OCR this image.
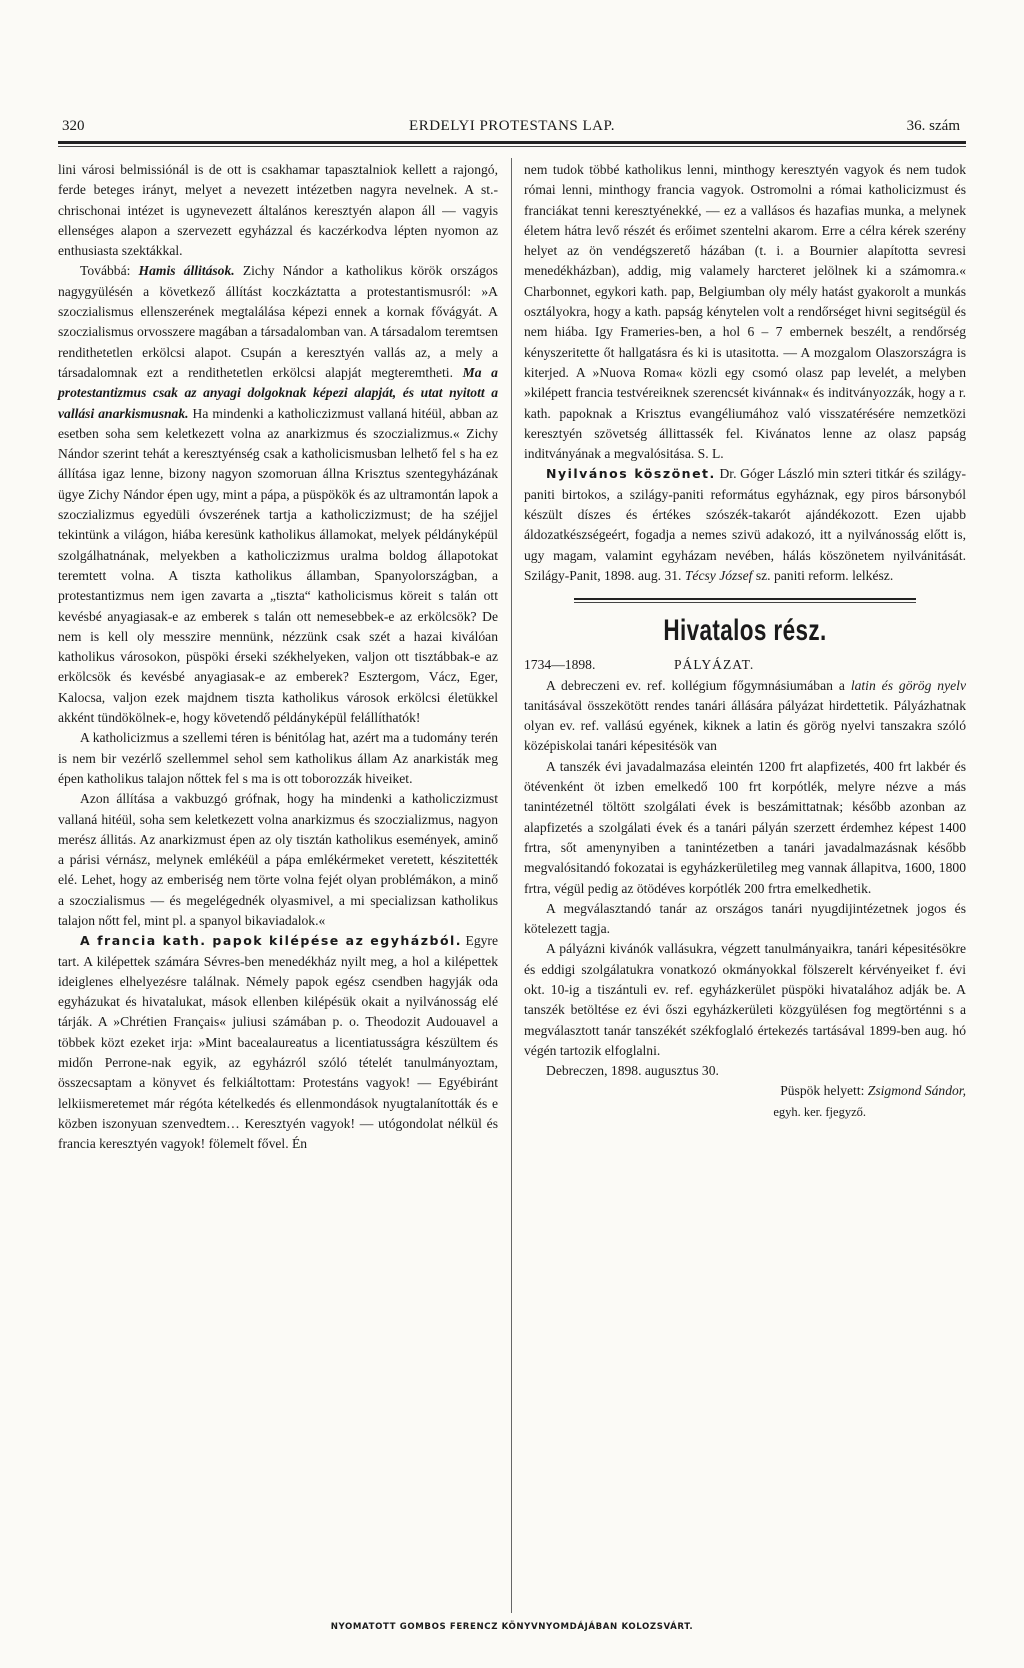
320	ERDELYI PROTESTANS LAP.	36. szám

lini városi belmissiónál is de ott is csakhamar tapasztalniok kellett a rajongó, ferde beteges irányt, melyet a nevezett intézetben nagyra nevelnek. A st.-chrischonai intézet is ugynevezett általános keresztyén alapon áll — vagyis ellenséges alapon a szervezett egyházzal és kaczérkodva lépten nyomon az enthusiasta szektákkal.

Továbbá: Hamis állitások. Zichy Nándor a katholikus körök országos nagygyülésén a következő állítást koczkáztatta a protestantismusról: »A szoczialismus ellenszerének megtalálása képezi ennek a kornak fővágyát. A szoczialismus orvosszere magában a társadalomban van. A társadalom teremtsen rendithetetlen erkölcsi alapot. Csupán a keresztyén vallás az, a mely a társadalomnak ezt a rendithetetlen erkölcsi alapját megteremtheti. Ma a protestantizmus csak az anyagi dolgoknak képezi alapját, és utat nyitott a vallási anarkismusnak. Ha mindenki a katholiczizmust vallaná hitéül, abban az esetben soha sem keletkezett volna az anarkizmus és szoczializmus.« Zichy Nándor szerint tehát a keresztyénség csak a katholicismusban lelhető fel s ha ez állítása igaz lenne, bizony nagyon szomoruan állna Krisztus szentegyházának ügye Zichy Nándor épen ugy, mint a pápa, a püspökök és az ultramontán lapok a szoczializmus egyedüli óvszerének tartja a katholiczizmust; de ha széjjel tekintünk a világon, hiába keresünk katholikus államokat, melyek példányképül szolgálhatnának, melyekben a katholiczizmus uralma boldog állapotokat teremtett volna. A tiszta katholikus államban, Spanyolországban, a protestantizmus nem igen zavarta a „tiszta“ katholicismus köreit s talán ott kevésbé anyagiasak-e az emberek s talán ott nemesebbek-e az erkölcsök? De nem is kell oly messzire mennünk, nézzünk csak szét a hazai kiválóan katholikus városokon, püspöki érseki székhelyeken, valjon ott tisztábbak-e az erkölcsök és kevésbé anyagiasak-e az emberek? Esztergom, Vácz, Eger, Kalocsa, valjon ezek majdnem tiszta katholikus városok erkölcsi életükkel akként tündökölnek-e, hogy követendő példányképül felállíthatók!

A katholicizmus a szellemi téren is bénitólag hat, azért ma a tudomány terén is nem bir vezérlő szellemmel sehol sem katholikus állam Az anarkisták meg épen katholikus talajon nőttek fel s ma is ott toborozzák hiveiket.

Azon állítása a vakbuzgó grófnak, hogy ha mindenki a katholiczizmust vallaná hitéül, soha sem keletkezett volna anarkizmus és szoczializmus, nagyon merész állitás. Az anarkizmust épen az oly tisztán katholikus események, aminő a párisi vérnász, melynek emlékéül a pápa emlékérmeket veretett, készitették elé. Lehet, hogy az emberiség nem törte volna fejét olyan problémákon, a minő a szoczialismus — és megelégednék olyasmivel, a mi specializsan katholikus talajon nőtt fel, mint pl. a spanyol bikaviadalok.«

A francia kath. papok kilépése az egyházból. Egyre tart. A kilépettek számára Sévres-ben menedékház nyilt meg, a hol a kilépettek ideiglenes elhelyezésre találnak. Némely papok egész csendben hagyják oda egyházukat és hivatalukat, mások ellenben kilépésük okait a nyilvánosság elé tárják. A »Chrétien Français« juliusi számában p. o. Theodozit Audouavel a többek közt ezeket irja: »Mint bacealaureatus a licentiatusságra készültem és midőn Perrone-nak egyik, az egyházról szóló tételét tanulmányoztam, összecsaptam a könyvet és felkiáltottam: Protestáns vagyok! — Egyébiránt lelkiismeretemet már régóta kételkedés és ellenmondások nyugtalanították és e közben iszonyuan szenvedtem… Keresztyén vagyok! — utógondolat nélkül és francia keresztyén vagyok! fölemelt fővel. Én

nem tudok többé katholikus lenni, minthogy keresztyén vagyok és nem tudok római lenni, minthogy francia vagyok. Ostromolni a római katholicizmust és franciákat tenni keresztyénekké, — ez a vallásos és hazafias munka, a melynek életem hátra levő részét és erőimet szentelni akarom. Erre a célra kérek szerény helyet az ön vendégszerető házában (t. i. a Bournier alapította sevresi menedékházban), addig, mig valamely harcteret jelölnek ki a számomra.« Charbonnet, egykori kath. pap, Belgiumban oly mély hatást gyakorolt a munkás osztályokra, hogy a kath. papság kénytelen volt a rendőrséget hivni segitségül és nem hiába. Igy Frameries-ben, a hol 6 – 7 embernek beszélt, a rendőrség kényszeritette őt hallgatásra és ki is utasitotta. — A mozgalom Olaszországra is kiterjed. A »Nuova Roma« közli egy csomó olasz pap levelét, a melyben »kilépett francia testvéreiknek szerencsét kivánnak« és inditványozzák, hogy a r. kath. papoknak a Krisztus evangéliumához való visszatérésére nemzetközi keresztyén szövetség állittassék fel. Kivánatos lenne az olasz papság inditványának a megvalósitása. S. L.

Nyilvános köszönet. Dr. Góger László min szteri titkár és szilágy-paniti birtokos, a szilágy-paniti református egyháznak, egy piros bársonyból készült díszes és értékes szószék-takarót ajándékozott. Ezen ujabb áldozatkészségeért, fogadja a nemes szivü adakozó, itt a nyilvánosság előtt is, ugy magam, valamint egyházam nevében, hálás köszönetem nyilvánitását. Szilágy-Panit, 1898. aug. 31. Técsy József sz. paniti reform. lelkész.

Hivatalos rész.
1734—1898.	PÁLYÁZAT.

A debreczeni ev. ref. kollégium főgymnásiumában a latin és görög nyelv tanitásával összekötött rendes tanári állására pályázat hirdettetik. Pályázhatnak olyan ev. ref. vallású egyének, kiknek a latin és görög nyelvi tanszakra szóló középiskolai tanári képesitésök van

A tanszék évi javadalmazása eleintén 1200 frt alapfizetés, 400 frt lakbér és ötévenként öt izben emelkedő 100 frt korpótlék, melyre nézve a más tanintézetnél töltött szolgálati évek is beszámittatnak; később azonban az alapfizetés a szolgálati évek és a tanári pályán szerzett érdemhez képest 1400 frtra, sőt amenynyiben a tanintézetben a tanári javadalmazásnak később megvalósitandó fokozatai is egyházkerületileg meg vannak állapitva, 1600, 1800 frtra, végül pedig az ötödéves korpótlék 200 frtra emelkedhetik.

A megválasztandó tanár az országos tanári nyugdijintézetnek jogos és kötelezett tagja.

A pályázni kivánók vallásukra, végzett tanulmányaikra, tanári képesitésökre és eddigi szolgálatukra vonatkozó okmányokkal fölszerelt kérvényeiket f. évi okt. 10-ig a tiszántuli ev. ref. egyházkerület püspöki hivatalához adják be. A tanszék betöltése ez évi őszi egyházkerületi közgyülésen fog megtörténni s a megválasztott tanár tanszékét székfoglaló értekezés tartásával 1899-ben aug. hó végén tartozik elfoglalni.

Debreczen, 1898. augusztus 30.

Püspök helyett: Zsigmond Sándor,

egyh. ker. fjegyző.

NYOMATOTT GOMBOS FERENCZ KÖNYVNYOMDÁJÁBAN KOLOZSVÁRT.
